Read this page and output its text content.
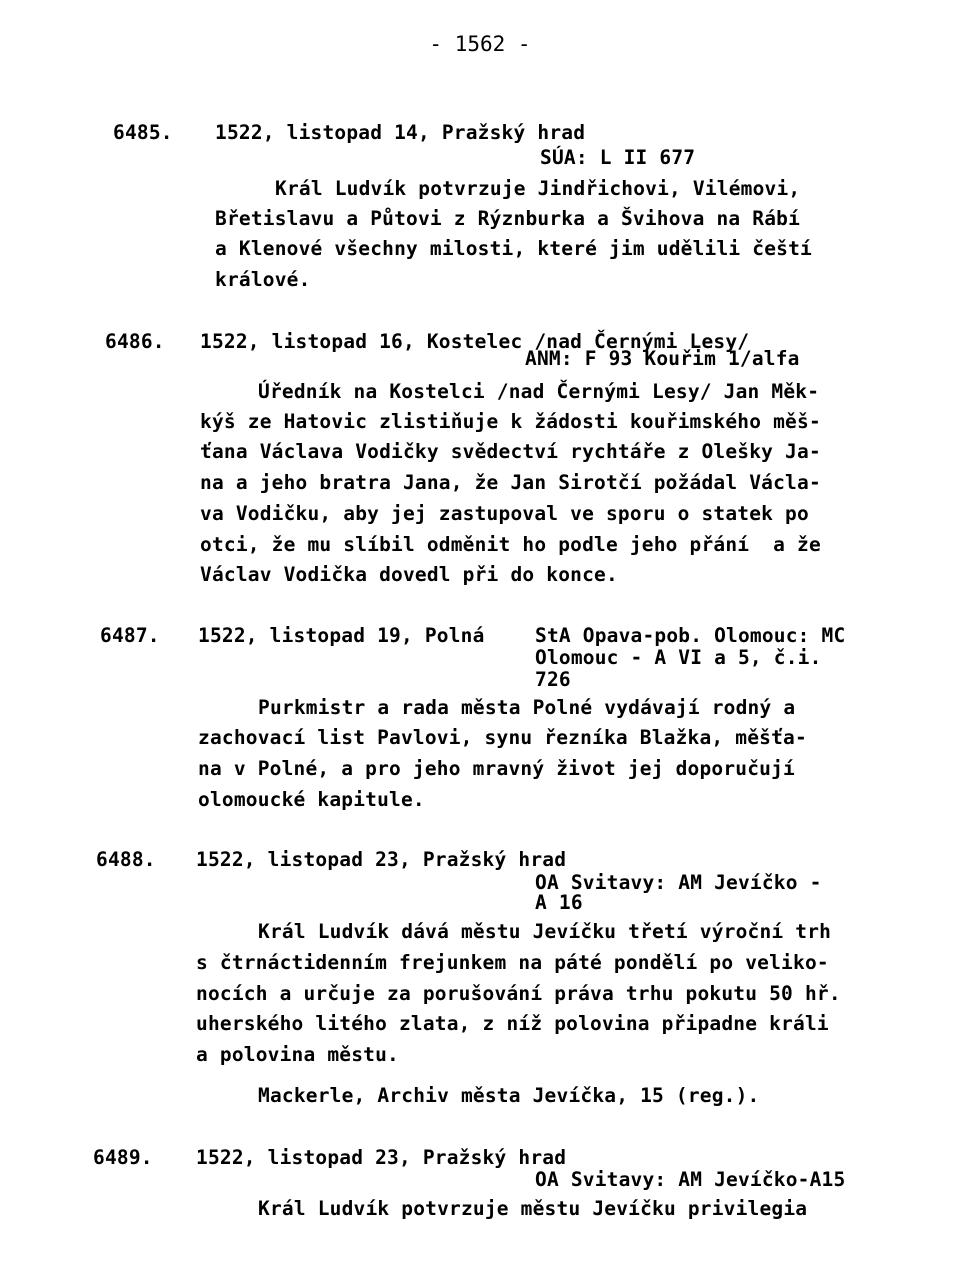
- 1562 -
6485. 1522, listopad 14, Pražský hrad
SÚA: L II 677
Král Ludvík potvrzuje Jindřichovi, Vilémovi,
Břetislavu a Půtovi z Rýznburka a Švihova na Rábí
a Klenové všechny milosti, které jim udělili čeští
králové.
6486. 1522, listopad 16, Kostelec /nad Černými Lesy/
ANM: F 93 Kouřim 1/alfa
Úředník na Kostelci /nad Černými Lesy/ Jan Měk-
kýš ze Hatovic zlistiňuje k žádosti kouřimského měš-
ťana Václava Vodičky svědectví rychtáře z Olešky Ja-
na a jeho bratra Jana, že Jan Sirotčí požádal Václa-
va Vodičku, aby jej zastupoval ve sporu o statek po
otci, že mu slíbil odměnit ho podle jeho přání  a že
Václav Vodička dovedl při do konce.
6487. 1522, listopad 19, Polná	StA Opava-pob. Olomouc: MC
Olomouc - A VI a 5, č.i.
726
Purkmistr a rada města Polné vydávají rodný a
zachovací list Pavlovi, synu řezníka Blažka, měšťa-
na v Polné, a pro jeho mravný život jej doporučují
olomoucké kapitule.
6488. 1522, listopad 23, Pražský hrad
OA Svitavy: AM Jevíčko -
A 16
Král Ludvík dává městu Jevíčku třetí výroční trh
s čtrnáctidenním frejunkem na páté pondělí po veliko-
nocích a určuje za porušování práva trhu pokutu 50 hř.
uherského litého zlata, z níž polovina připadne králi
a polovina městu.
Mackerle, Archiv města Jevíčka, 15 (reg.).
6489. 1522, listopad 23, Pražský hrad
OA Svitavy: AM Jevíčko-A15
Král Ludvík potvrzuje městu Jevíčku privilegia
